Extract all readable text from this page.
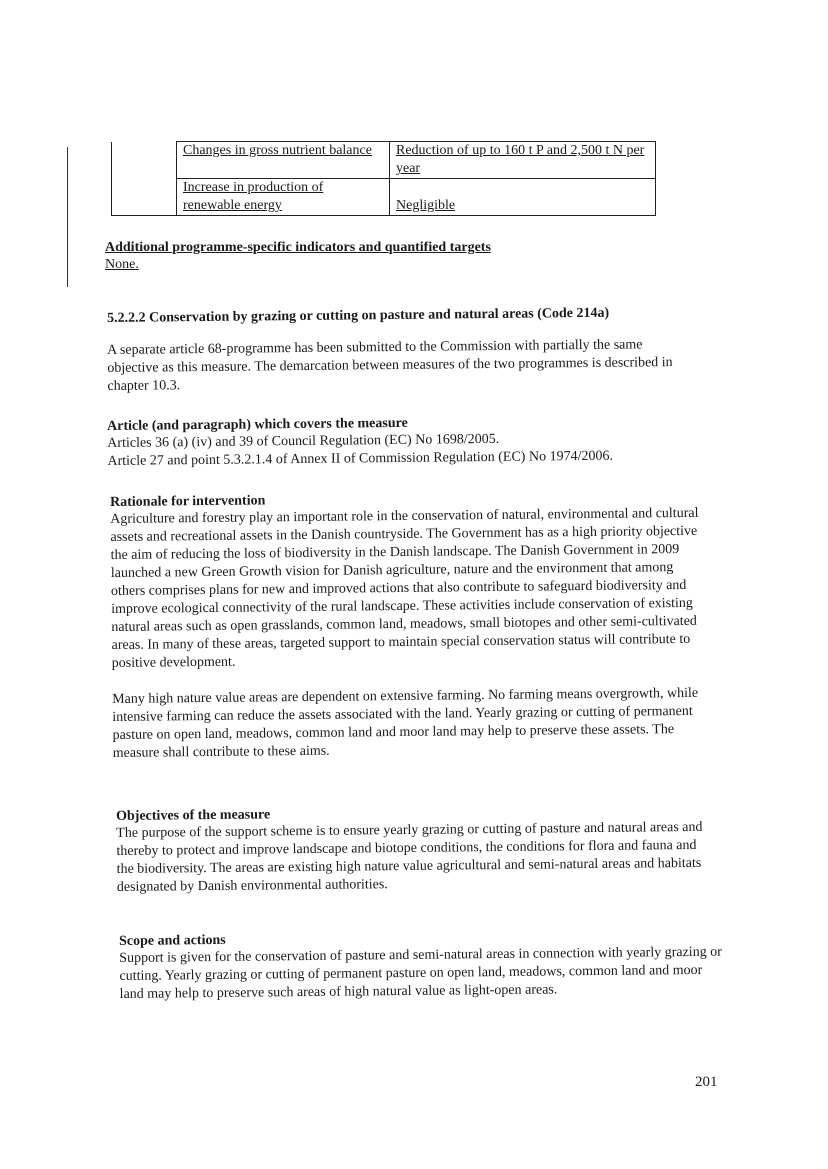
	Changes in gross nutrient balance	Reduction of up to 160 t P and 2,500 t N per year
	Increase in production of renewable energy	Negligible

Additional programme-specific indicators and quantified targets

None.

5.2.2.2 Conservation by grazing or cutting on pasture and natural areas (Code 214a)

A separate article 68-programme has been submitted to the Commission with partially the same objective as this measure. The demarcation between measures of the two programmes is described in chapter 10.3.

Article (and paragraph) which covers the measure

Articles 36 (a) (iv) and 39 of Council Regulation (EC) No 1698/2005.

Article 27 and point 5.3.2.1.4 of Annex II of Commission Regulation (EC) No 1974/2006.

Rationale for intervention

Agriculture and forestry play an important role in the conservation of natural, environmental and cultural assets and recreational assets in the Danish countryside. The Government has as a high priority objective the aim of reducing the loss of biodiversity in the Danish landscape. The Danish Government in 2009 launched a new Green Growth vision for Danish agriculture, nature and the environment that among others comprises plans for new and improved actions that also contribute to safeguard biodiversity and improve ecological connectivity of the rural landscape. These activities include conservation of existing natural areas such as open grasslands, common land, meadows, small biotopes and other semi-cultivated areas. In many of these areas, targeted support to maintain special conservation status will contribute to positive development.

Many high nature value areas are dependent on extensive farming. No farming means overgrowth, while intensive farming can reduce the assets associated with the land. Yearly grazing or cutting of permanent pasture on open land, meadows, common land and moor land may help to preserve these assets. The measure shall contribute to these aims.

Objectives of the measure

The purpose of the support scheme is to ensure yearly grazing or cutting of pasture and natural areas and thereby to protect and improve landscape and biotope conditions, the conditions for flora and fauna and the biodiversity. The areas are existing high nature value agricultural and semi-natural areas and habitats designated by Danish environmental authorities.

Scope and actions

Support is given for the conservation of pasture and semi-natural areas in connection with yearly grazing or cutting. Yearly grazing or cutting of permanent pasture on open land, meadows, common land and moor land may help to preserve such areas of high natural value as light-open areas.

201
